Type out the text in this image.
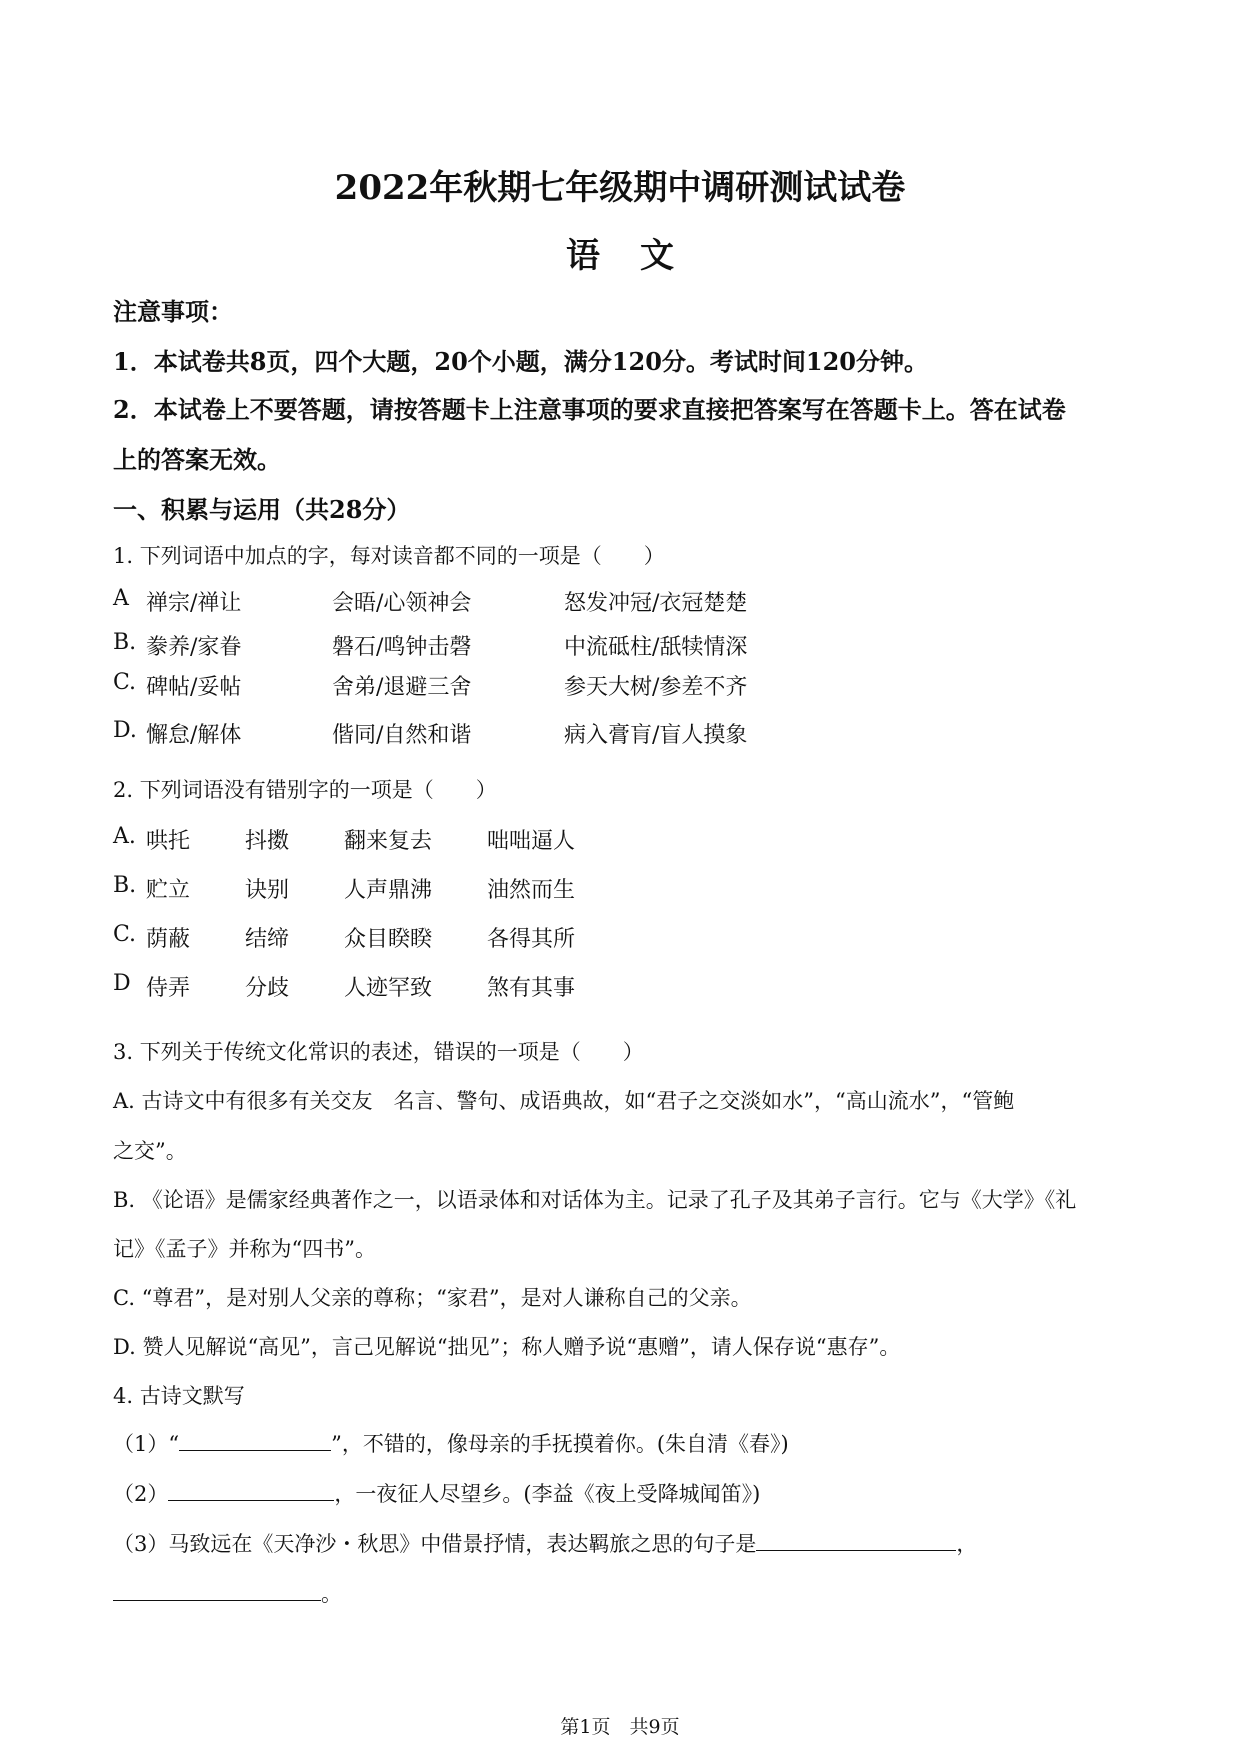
2022年秋期七年级期中调研测试试卷
语文
注意事项：
1．本试卷共8页，四个大题，20个小题，满分120分。考试时间120分钟。
2．本试卷上不要答题，请按答题卡上注意事项的要求直接把答案写在答题卡上。答在试卷
上的答案无效。
一、积累与运用（共28分）
1. 下列词语中加点的字，每对读音都不同的一项是（　　）
A 禅宗/禅让	会晤/心领神会	怒发冲冠/衣冠楚楚
B. 豢养/家眷	磐石/鸣钟击磬	中流砥柱/舐犊情深
C. 碑帖/妥帖	舍弟/退避三舍	参天大树/参差不齐
D. 懈怠/解体	偕同/自然和谐	病入膏肓/盲人摸象
2. 下列词语没有错别字的一项是（　　）
A. 哄托 抖擞 翻来复去 咄咄逼人
B. 贮立 诀别 人声鼎沸 油然而生
C. 荫蔽 结缔 众目睽睽 各得其所
D 侍弄 分歧 人迹罕致 煞有其事
3. 下列关于传统文化常识的表述，错误的一项是（　　）
A. 古诗文中有很多有关交友　名言、警句、成语典故，如“君子之交淡如水”，“高山流水”，“管鲍
之交”。
B. 《论语》是儒家经典著作之一，以语录体和对话体为主。记录了孔子及其弟子言行。它与《大学》《礼
记》《孟子》并称为“四书”。
C. “尊君”，是对别人父亲的尊称；“家君”，是对人谦称自己的父亲。
D. 赞人见解说“高见”，言己见解说“拙见”；称人赠予说“惠赠”，请人保存说“惠存”。
4. 古诗文默写
（1）“	”，不错的，像母亲的手抚摸着你。(朱自清《春》)
（2）	，一夜征人尽望乡。(李益《夜上受降城闻笛》)
（3）马致远在《天净沙・秋思》中借景抒情，表达羁旅之思的句子是	，
。
第1页　共9页
